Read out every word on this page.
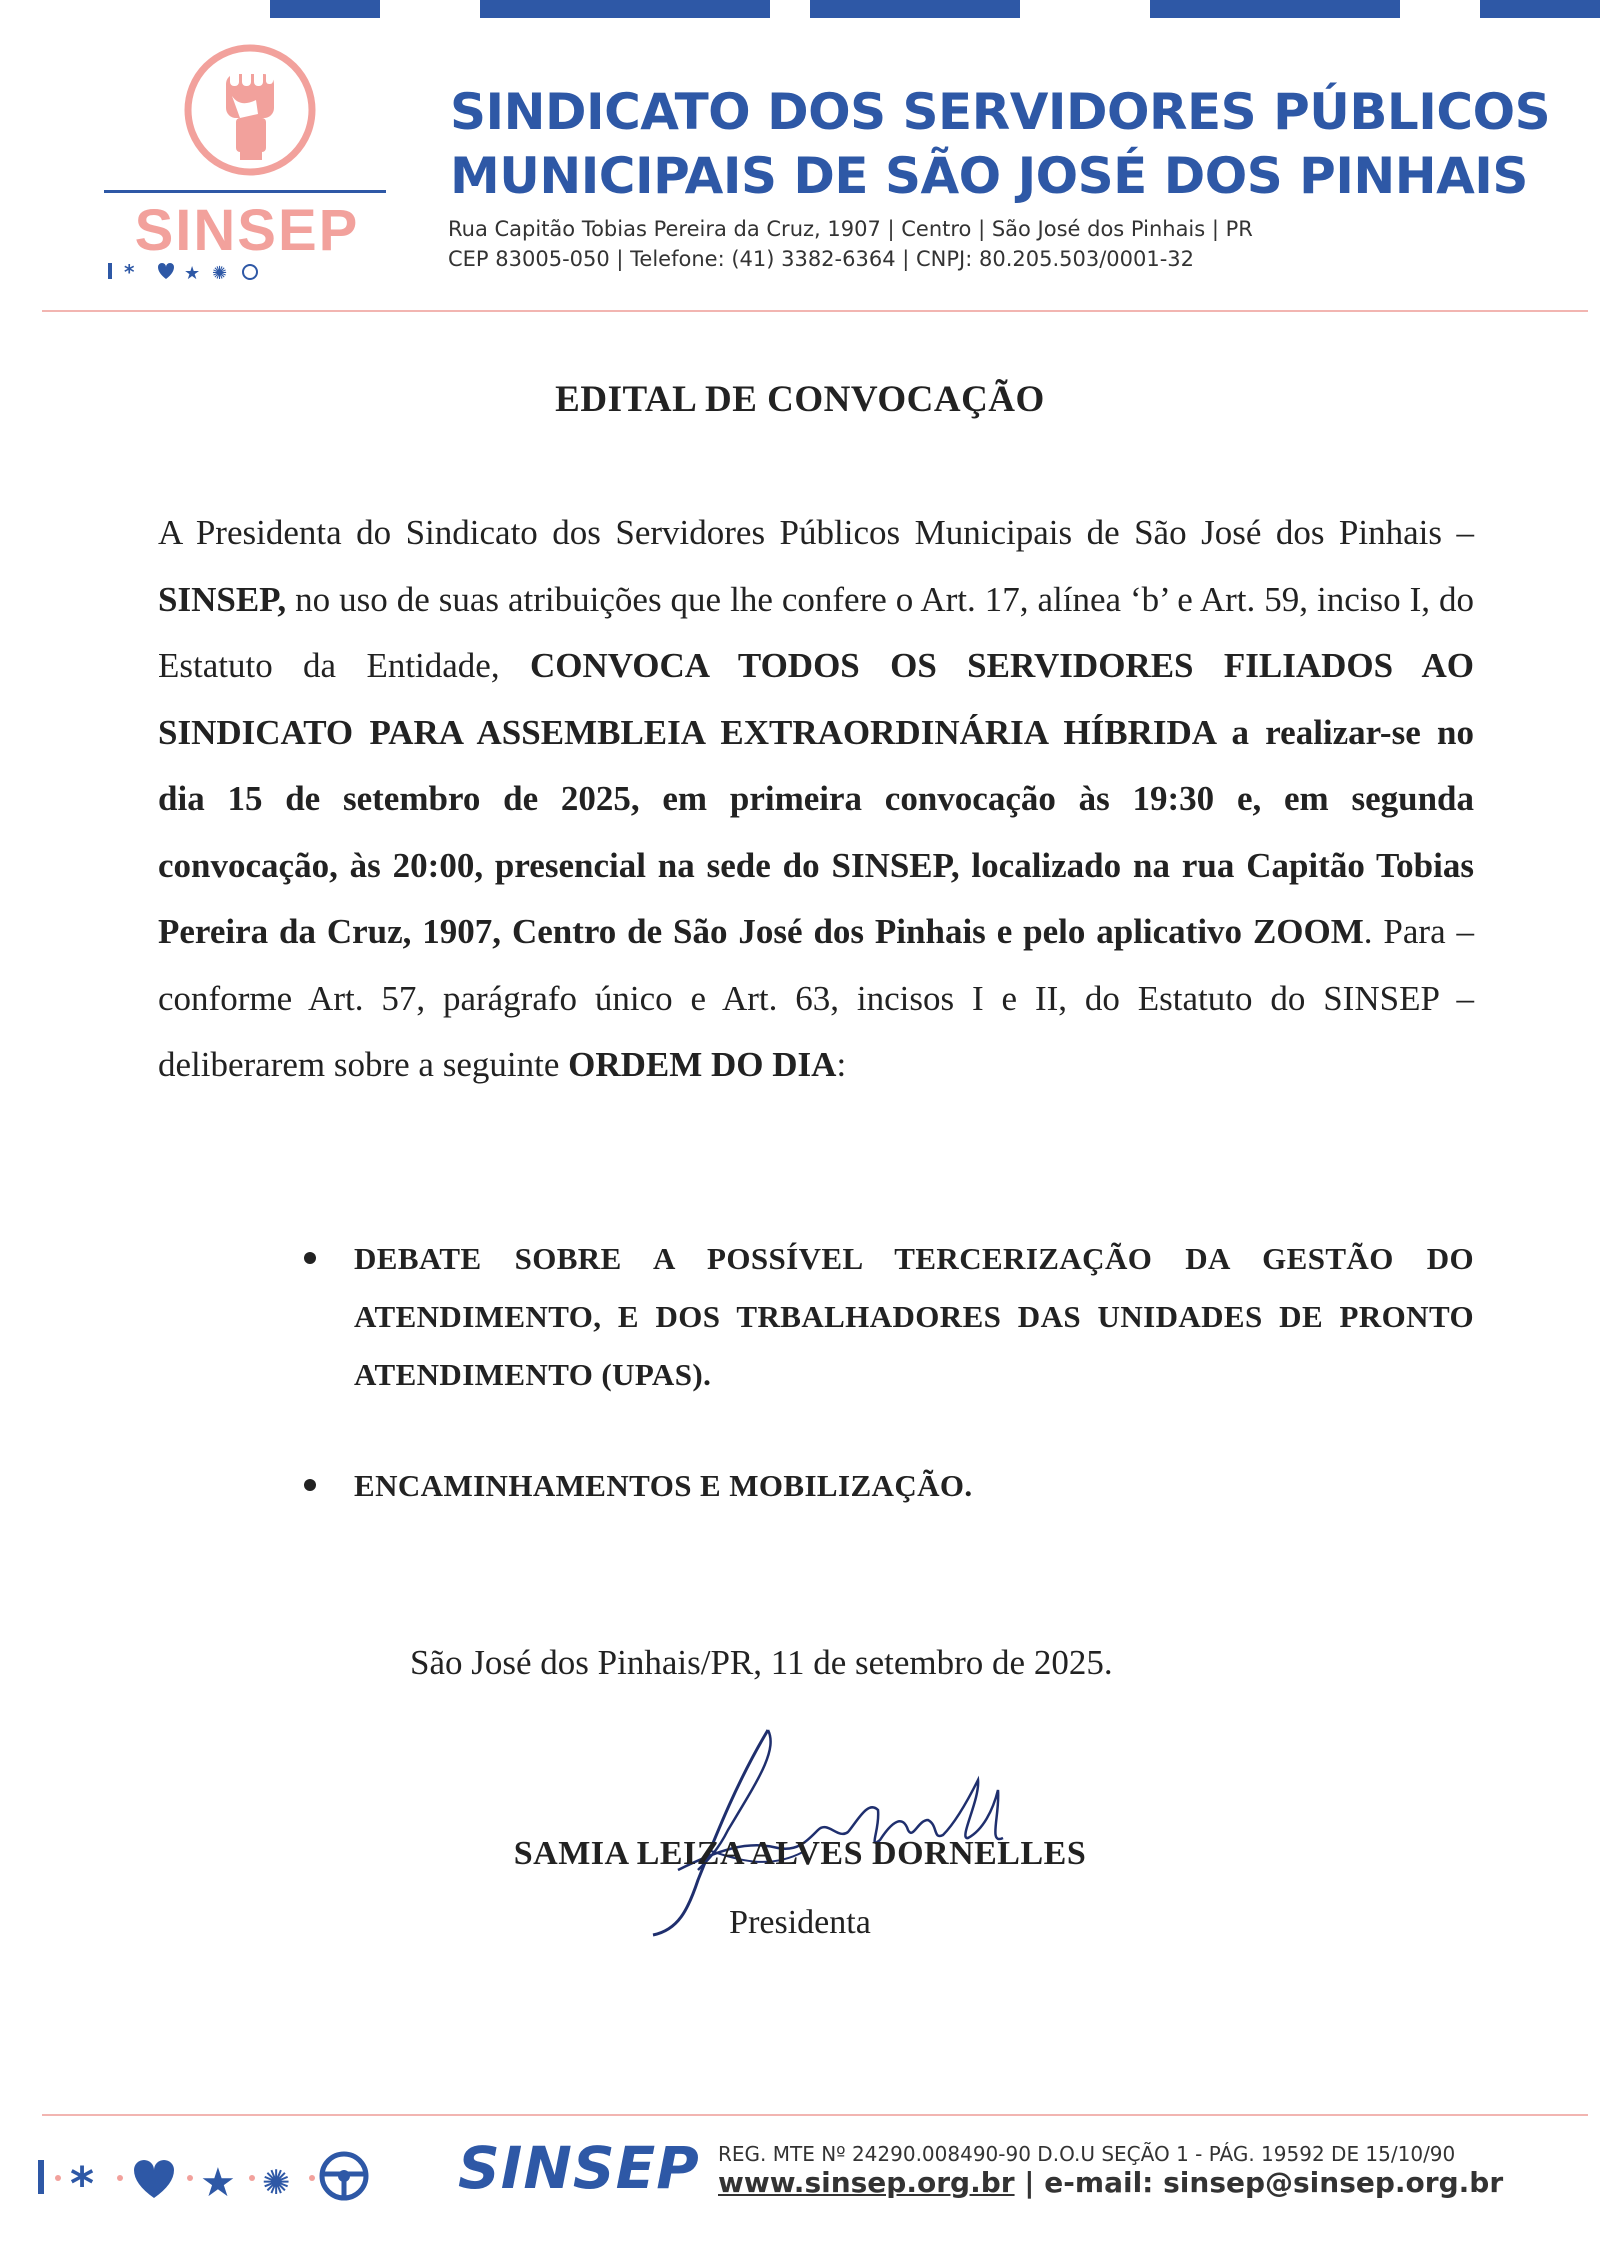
SINSEP
*	★ ✺
SINDICATO DOS SERVIDORES PÚBLICOS
MUNICIPAIS DE SÃO JOSÉ DOS PINHAIS
Rua Capitão Tobias Pereira da Cruz, 1907 | Centro | São José dos Pinhais | PR
CEP 83005-050 | Telefone: (41) 3382-6364 | CNPJ: 80.205.503/0001-32
EDITAL DE CONVOCAÇÃO
A Presidenta do Sindicato dos Servidores Públicos Municipais de São José dos Pinhais – SINSEP, no uso de suas atribuições que lhe confere o Art. 17, alínea ‘b’ e Art. 59, inciso I, do Estatuto da Entidade, CONVOCA TODOS OS SERVIDORES FILIADOS AO SINDICATO PARA ASSEMBLEIA EXTRAORDINÁRIA HÍBRIDA a realizar-se no dia 15 de setembro de 2025, em primeira convocação às 19:30 e, em segunda convocação, às 20:00, presencial na sede do SINSEP, localizado na rua Capitão Tobias Pereira da Cruz, 1907, Centro de São José dos Pinhais e pelo aplicativo ZOOM. Para – conforme Art. 57, parágrafo único e Art. 63, incisos I e II, do Estatuto do SINSEP – deliberarem sobre a seguinte ORDEM DO DIA:
DEBATE SOBRE A POSSÍVEL TERCERIZAÇÃO DA GESTÃO DO ATENDIMENTO, E DOS TRBALHADORES DAS UNIDADES DE PRONTO ATENDIMENTO (UPAS).
ENCAMINHAMENTOS E MOBILIZAÇÃO.
São José dos Pinhais/PR, 11 de setembro de 2025.
SAMIA LEIZA ALVES DORNELLES
Presidenta
*	★ ✺	SINSEP REG. MTE Nº 24290.008490-90 D.O.U SEÇÃO 1 - PÁG. 19592 DE 15/10/90
www.sinsep.org.br | e-mail: sinsep@sinsep.org.br
